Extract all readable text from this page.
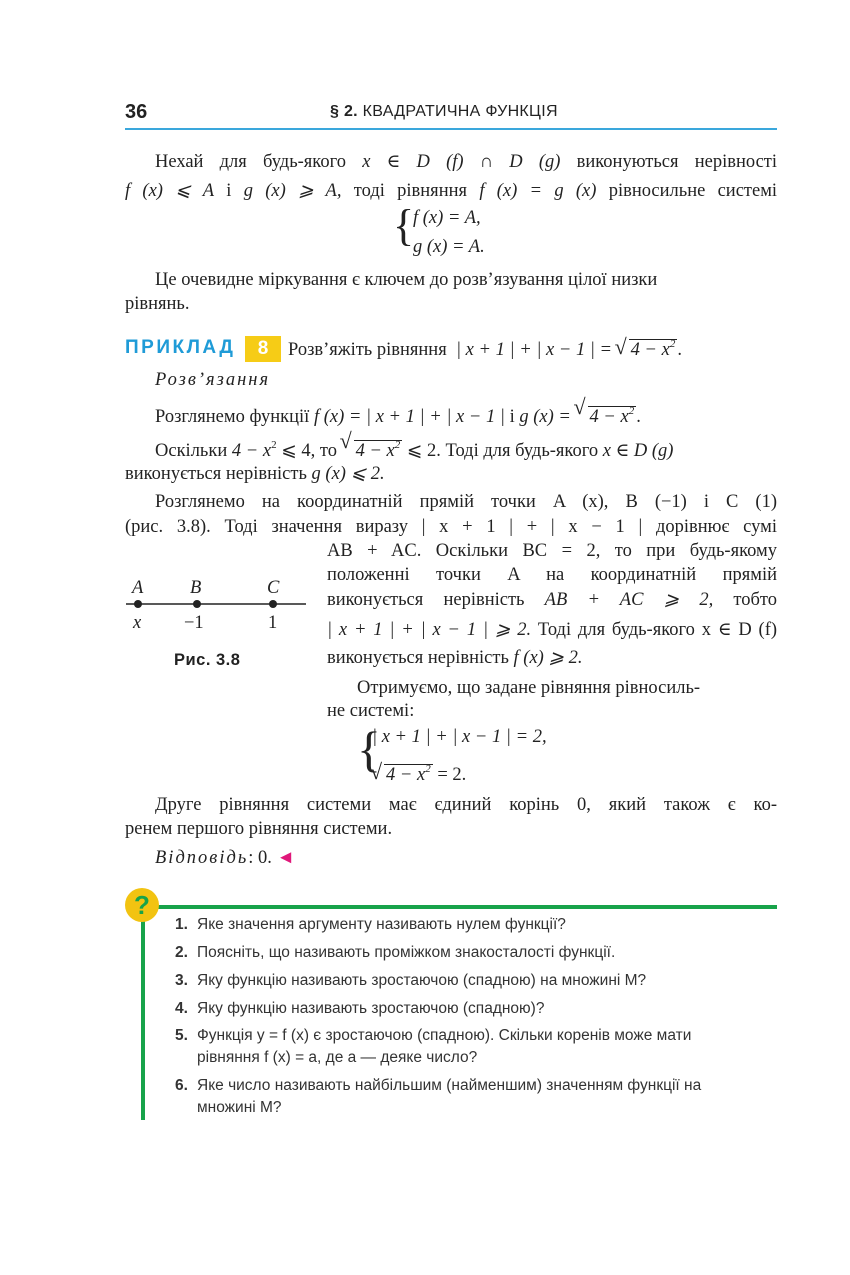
36	§ 2. КВАДРАТИЧНА ФУНКЦІЯ
Нехай для будь-якого x ∈ D (f) ∩ D (g) виконуються нерівності
f (x) ⩽ A і g (x) ⩾ A, тоді рівняння f (x) = g (x) рівносильне системі
{
f (x) = A,
g (x) = A.
Це очевидне міркування є ключем до розв’язування цілої низки
рівнянь.
ПРИКЛАД	8	Розв’яжіть рівняння | x + 1 | + | x − 1 | = √ $4 - x^2$ .
Розв’язання
Розглянемо функції f (x) = | x + 1 | + | x − 1 | і g (x) = √ $4 - x^2$ .
Оскільки $4 - x^2$ ⩽ 4, то √ $4 - x^2$ ⩽ 2. Тоді для будь-якого x ∈ D (g)
виконується нерівність g (x) ⩽ 2.
Розглянемо на координатній прямій точки A (x), B (−1) і C (1)
(рис. 3.8). Тоді значення виразу | x + 1 | + | x − 1 | дорівнює сумі
AB + AC. Оскільки BC = 2, то при будь-якому
положенні точки A на координатній прямій
виконується нерівність AB + AC ⩾ 2, тобто
| x + 1 | + | x − 1 | ⩾ 2. Тоді для будь-якого x ∈ D (f)
виконується нерівність f (x) ⩾ 2.
Отримуємо, що задане рівняння рівносиль-
не системі:
{
| x + 1 | + | x − 1 | = 2,
√ $4 - x^2 = 2$.
A	B	C
x −1	1
Рис. 3.8
Друге рівняння системи має єдиний корінь 0, який також є ко-
ренем першого рівняння системи.
Відповідь: 0. ◄
?
1. Яке значення аргументу називають нулем функції?
2. Поясніть, що називають проміжком знакосталості функції.
3. Яку функцію називають зростаючою (спадною) на множині M?
4. Яку функцію називають зростаючою (спадною)?
5. Функція y = f (x) є зростаючою (спадною). Скільки коренів може мати
рівняння f (x) = a, де a — деяке число?
6. Яке число називають найбільшим (найменшим) значенням функції на
множині M?
